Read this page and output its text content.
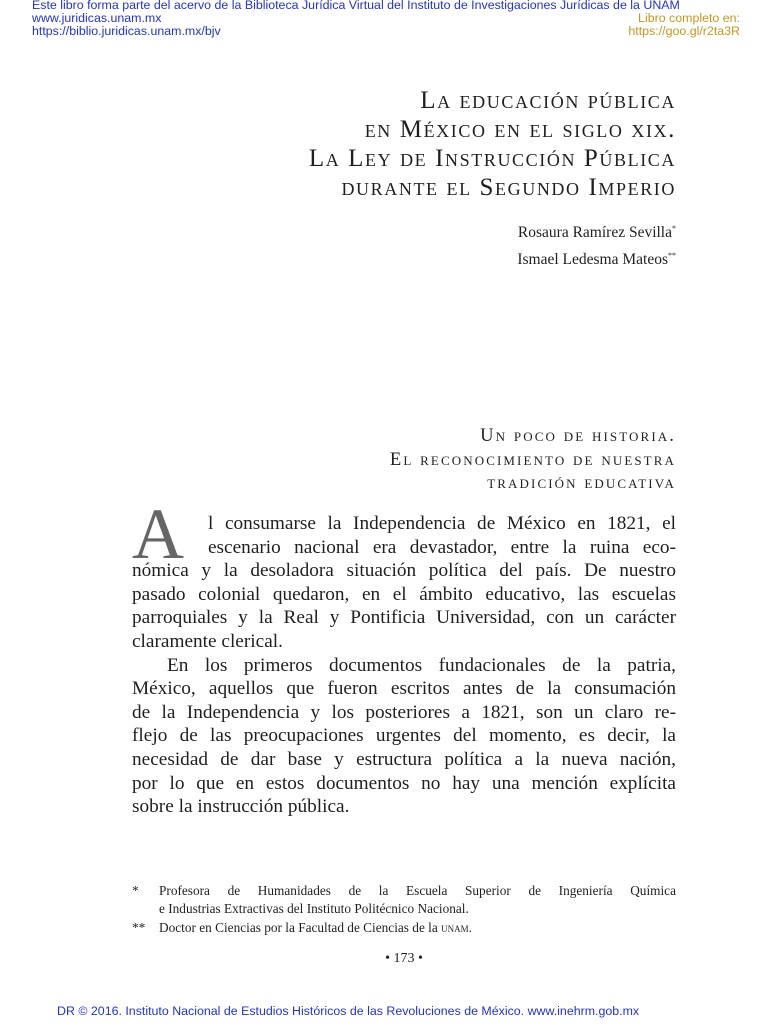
Este libro forma parte del acervo de la Biblioteca Jurídica Virtual del Instituto de Investigaciones Jurídicas de la UNAM
www.juridicas.unam.mx
https://biblio.juridicas.unam.mx/bjv
Libro completo en:
https://goo.gl/r2ta3R
La educación pública
en México en el siglo xix.
La Ley de Instrucción Pública
durante el Segundo Imperio
Rosaura Ramírez Sevilla*
Ismael Ledesma Mateos**
Un poco de historia.
El reconocimiento de nuestra
tradición educativa
A	l consumarse la Independencia de México en 1821, el
escenario nacional era devastador, entre la ruina eco-
nómica y la desoladora situación política del país. De nuestro
pasado colonial quedaron, en el ámbito educativo, las escuelas
parroquiales y la Real y Pontificia Universidad, con un carácter
claramente clerical.
En los primeros documentos fundacionales de la patria,
México, aquellos que fueron escritos antes de la consumación
de la Independencia y los posteriores a 1821, son un claro re-
flejo de las preocupaciones urgentes del momento, es decir, la
necesidad de dar base y estructura política a la nueva nación,
por lo que en estos documentos no hay una mención explícita
sobre la instrucción pública.
* Profesora de Humanidades de la Escuela Superior de Ingeniería Química
e Industrias Extractivas del Instituto Politécnico Nacional.
** Doctor en Ciencias por la Facultad de Ciencias de la unam.
• 173 •
DR © 2016. Instituto Nacional de Estudios Históricos de las Revoluciones de México. www.inehrm.gob.mx
